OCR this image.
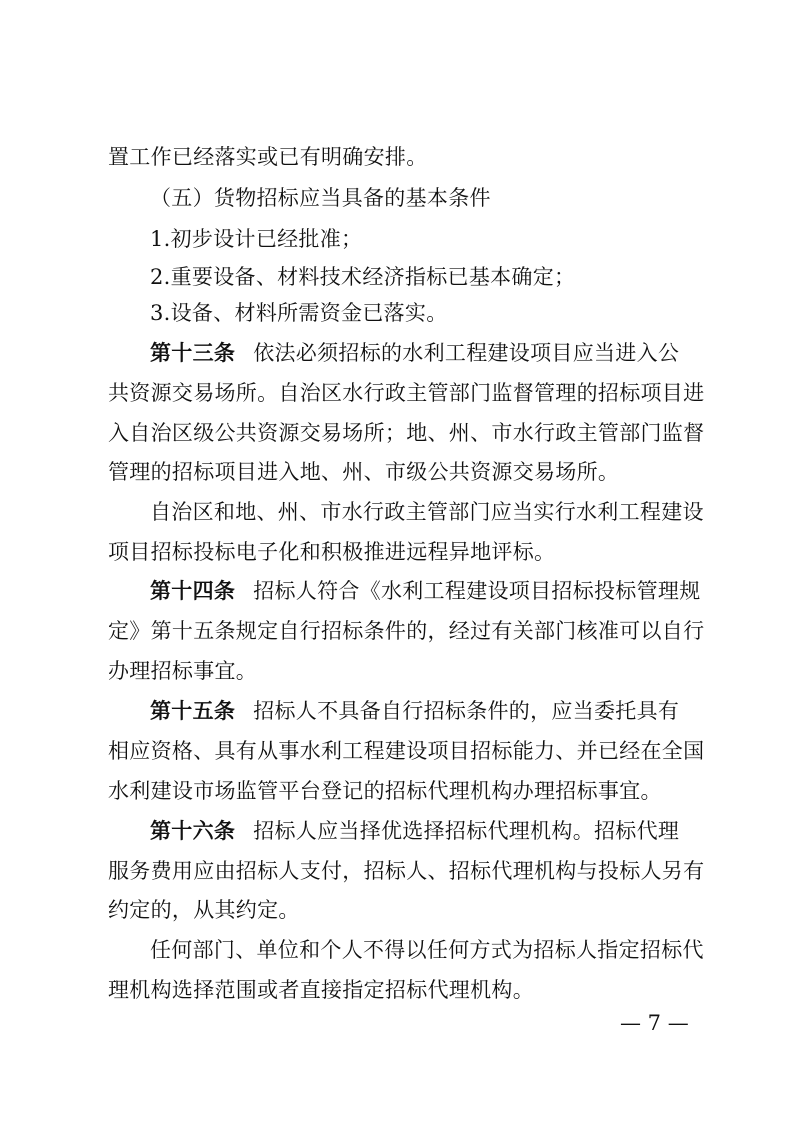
置工作已经落实或已有明确安排。
（五）货物招标应当具备的基本条件
1.初步设计已经批准；
2.重要设备、材料技术经济指标已基本确定；
3.设备、材料所需资金已落实。
第十三条 依法必须招标的水利工程建设项目应当进入公
共资源交易场所。自治区水行政主管部门监督管理的招标项目进
入自治区级公共资源交易场所；地、州、市水行政主管部门监督
管理的招标项目进入地、州、市级公共资源交易场所。
自治区和地、州、市水行政主管部门应当实行水利工程建设
项目招标投标电子化和积极推进远程异地评标。
第十四条 招标人符合《水利工程建设项目招标投标管理规
定》第十五条规定自行招标条件的，经过有关部门核准可以自行
办理招标事宜。
第十五条 招标人不具备自行招标条件的，应当委托具有
相应资格、具有从事水利工程建设项目招标能力、并已经在全国
水利建设市场监管平台登记的招标代理机构办理招标事宜。
第十六条 招标人应当择优选择招标代理机构。招标代理
服务费用应由招标人支付，招标人、招标代理机构与投标人另有
约定的，从其约定。
任何部门、单位和个人不得以任何方式为招标人指定招标代
理机构选择范围或者直接指定招标代理机构。
— 7 —
